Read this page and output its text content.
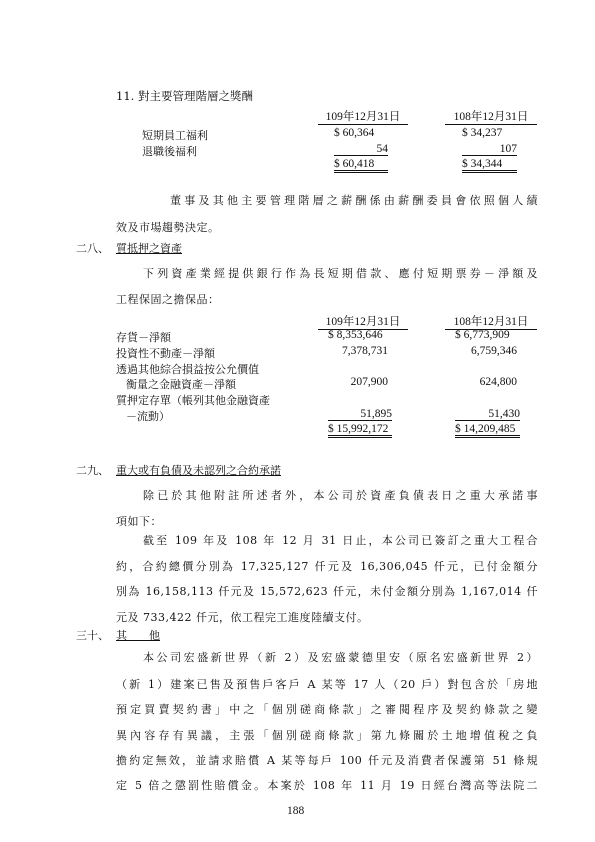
11. 對主要管理階層之獎酬
109年12月31日	108年12月31日
短期員工福利	$ 60,364	$ 34,237
退職後福利	54	107
$ 60,418	$ 34,344
董事及其他主要管理階層之薪酬係由薪酬委員會依照個人績
效及市場趨勢決定。
二八、 質抵押之資產
下列資產業經提供銀行作為長短期借款、應付短期票券－淨額及
工程保固之擔保品：
109年12月31日	108年12月31日
存貨－淨額	$ 8,353,646	$ 6,773,909
投資性不動產－淨額	7,378,731	6,759,346
透過其他綜合損益按公允價值
衡量之金融資產－淨額	207,900	624,800
質押定存單（帳列其他金融資產
－流動）	51,895	51,430
$ 15,992,172	$ 14,209,485
二九、 重大或有負債及未認列之合約承諾
除已於其他附註所述者外，本公司於資產負債表日之重大承諾事
項如下：
截至 109 年及 108 年 12 月 31 日止，本公司已簽訂之重大工程合
約，合約總價分別為 17,325,127 仟元及 16,306,045 仟元，已付金額分
別為 16,158,113 仟元及 15,572,623 仟元，未付金額分別為 1,167,014 仟
元及 733,422 仟元，依工程完工進度陸續支付。
三十、 其　　他
本公司宏盛新世界（新 2）及宏盛蒙德里安（原名宏盛新世界 2）
（新 1）建案已售及預售戶客戶 A 某等 17 人（20 戶）對包含於「房地
預定買賣契約書」中之「個別磋商條款」之審閱程序及契約條款之變
異內容存有異議，主張「個別磋商條款」第九條關於土地增值稅之負
擔約定無效，並請求賠償 A 某等每戶 100 仟元及消費者保護第 51 條規
定 5 倍之懲罰性賠償金。本案於 108 年 11 月 19 日經台灣高等法院二
188
